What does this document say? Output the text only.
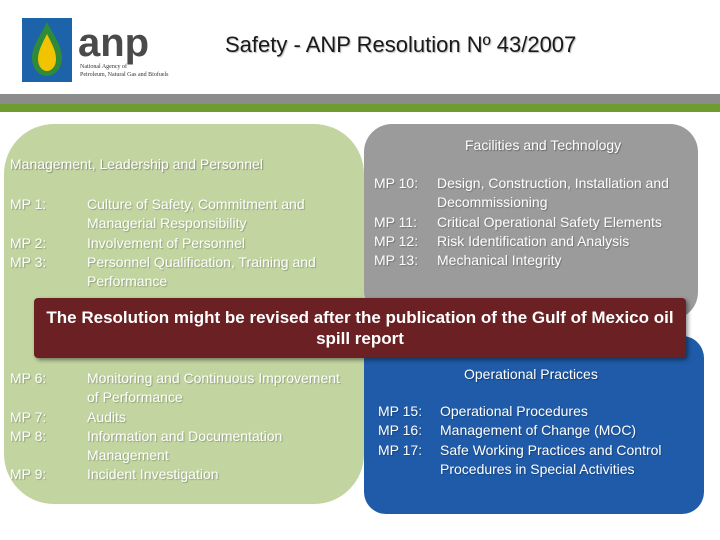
anp
National Agency of
Petroleum, Natural Gas and Biofuels
Safety - ANP Resolution Nº 43/2007
Management, Leadership and Personnel
MP 1:	Culture of Safety, Commitment and Managerial Responsibility
MP 2:	Involvement of Personnel
MP 3:	Personnel Qualification, Training and Performance
MP 6:	Monitoring and Continuous Improvement of Performance
MP 7:	Audits
MP 8:	Information and Documentation Management
MP 9:	Incident Investigation
Facilities and Technology
MP 10:	Design, Construction, Installation and Decommissioning
MP 11:	Critical Operational Safety Elements
MP 12:	Risk Identification and Analysis
MP 13:	Mechanical Integrity
Operational Practices
MP 15:	Operational Procedures
MP 16:	Management of Change (MOC)
MP 17:	Safe Working Practices and Control Procedures in Special Activities
The Resolution might be revised after the publication of the Gulf of Mexico oil spill report
